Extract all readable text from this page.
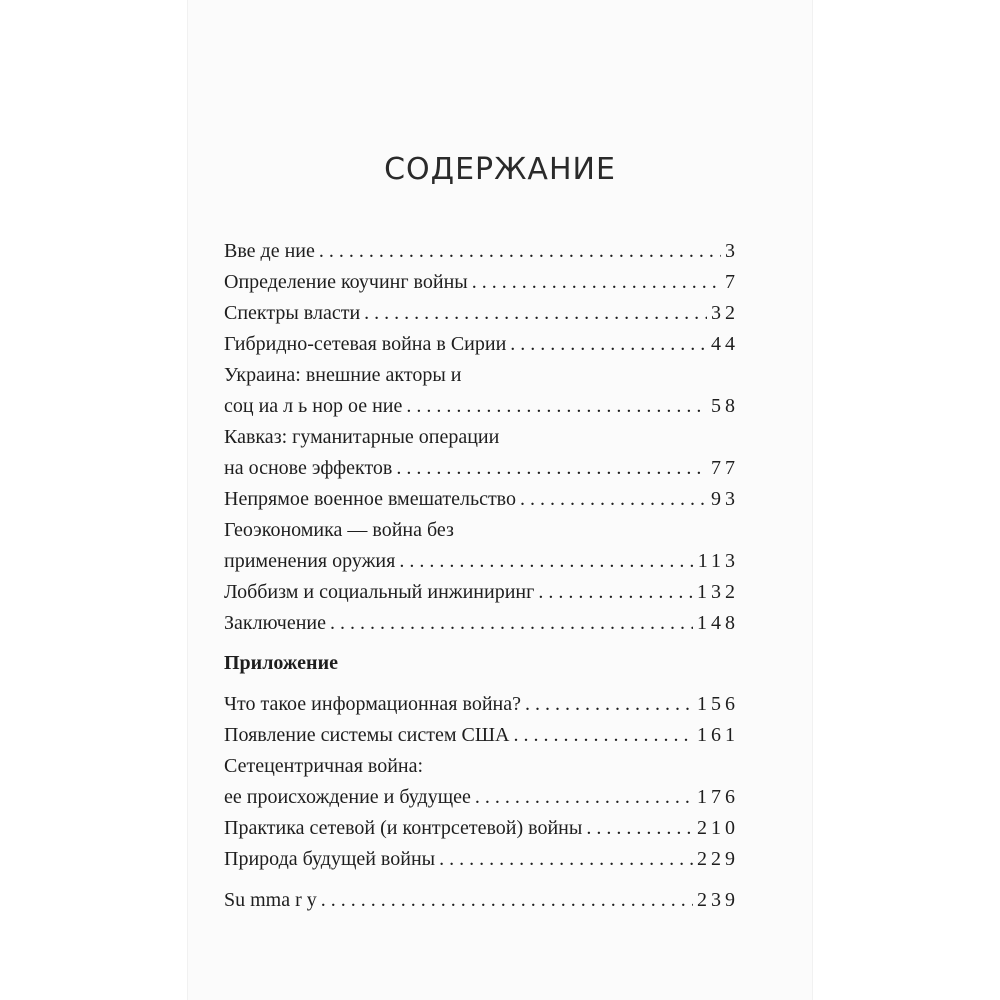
СОДЕРЖАНИЕ
Вве де ние . . .	3
Определение коучинг войны . . .	7
Спектры власти . . .	32
Гибридно-сетевая война в Сирии . . .	44
Украина: внешние акторы и
соц иа л ь нор ое ние . . .	58
Кавказ: гуманитарные операции
на основе эффектов . . .	77
Непрямое военное вмешательство . . .	93
Геоэкономика — война без
применения оружия . . .	113
Лоббизм и социальный инжиниринг . . .	132
Заключение . . .	148
Приложение
Что такое информационная война? . . .	156
Появление системы систем США . . .	161
Сетецентричная война:
ее происхождение и будущее . . .	176
Практика сетевой (и контрсетевой) войны . . .	210
Природа будущей войны . . .	229
Su mma r y . . .	239
